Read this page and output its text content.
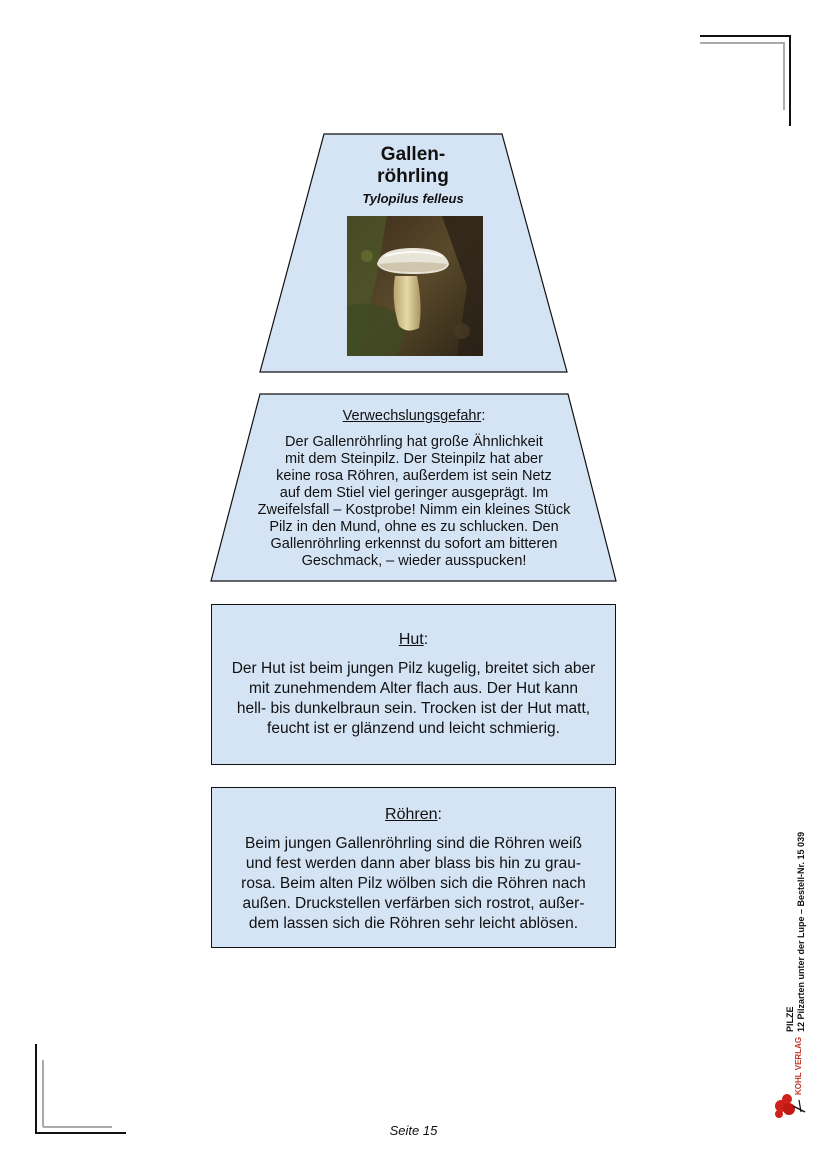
Gallen-
röhrling
Tylopilus felleus
Verwechslungsgefahr:
Der Gallenröhrling hat große Ähnlichkeit
mit dem Steinpilz. Der Steinpilz hat aber
keine rosa Röhren, außerdem ist sein Netz
auf dem Stiel viel geringer ausgeprägt. Im
Zweifelsfall – Kostprobe! Nimm ein kleines Stück
Pilz in den Mund, ohne es zu schlucken. Den
Gallenröhrling erkennst du sofort am bitteren
Geschmack, – wieder ausspucken!
Hut:
Der Hut ist beim jungen Pilz kugelig, breitet sich aber
mit zunehmendem Alter flach aus. Der Hut kann
hell- bis dunkelbraun sein. Trocken ist der Hut matt,
feucht ist er glänzend und leicht schmierig.
Röhren:
Beim jungen Gallenröhrling sind die Röhren weiß
und fest werden dann aber blass bis hin zu grau-
rosa. Beim alten Pilz wölben sich die Röhren nach
außen. Druckstellen verfärben sich rostrot, außer-
dem lassen sich die Röhren sehr leicht ablösen.	12 Pilzarten unter der Lupe – Bestell-Nr. 15 039
PILZE
KOHL VERLAG
Seite 15
